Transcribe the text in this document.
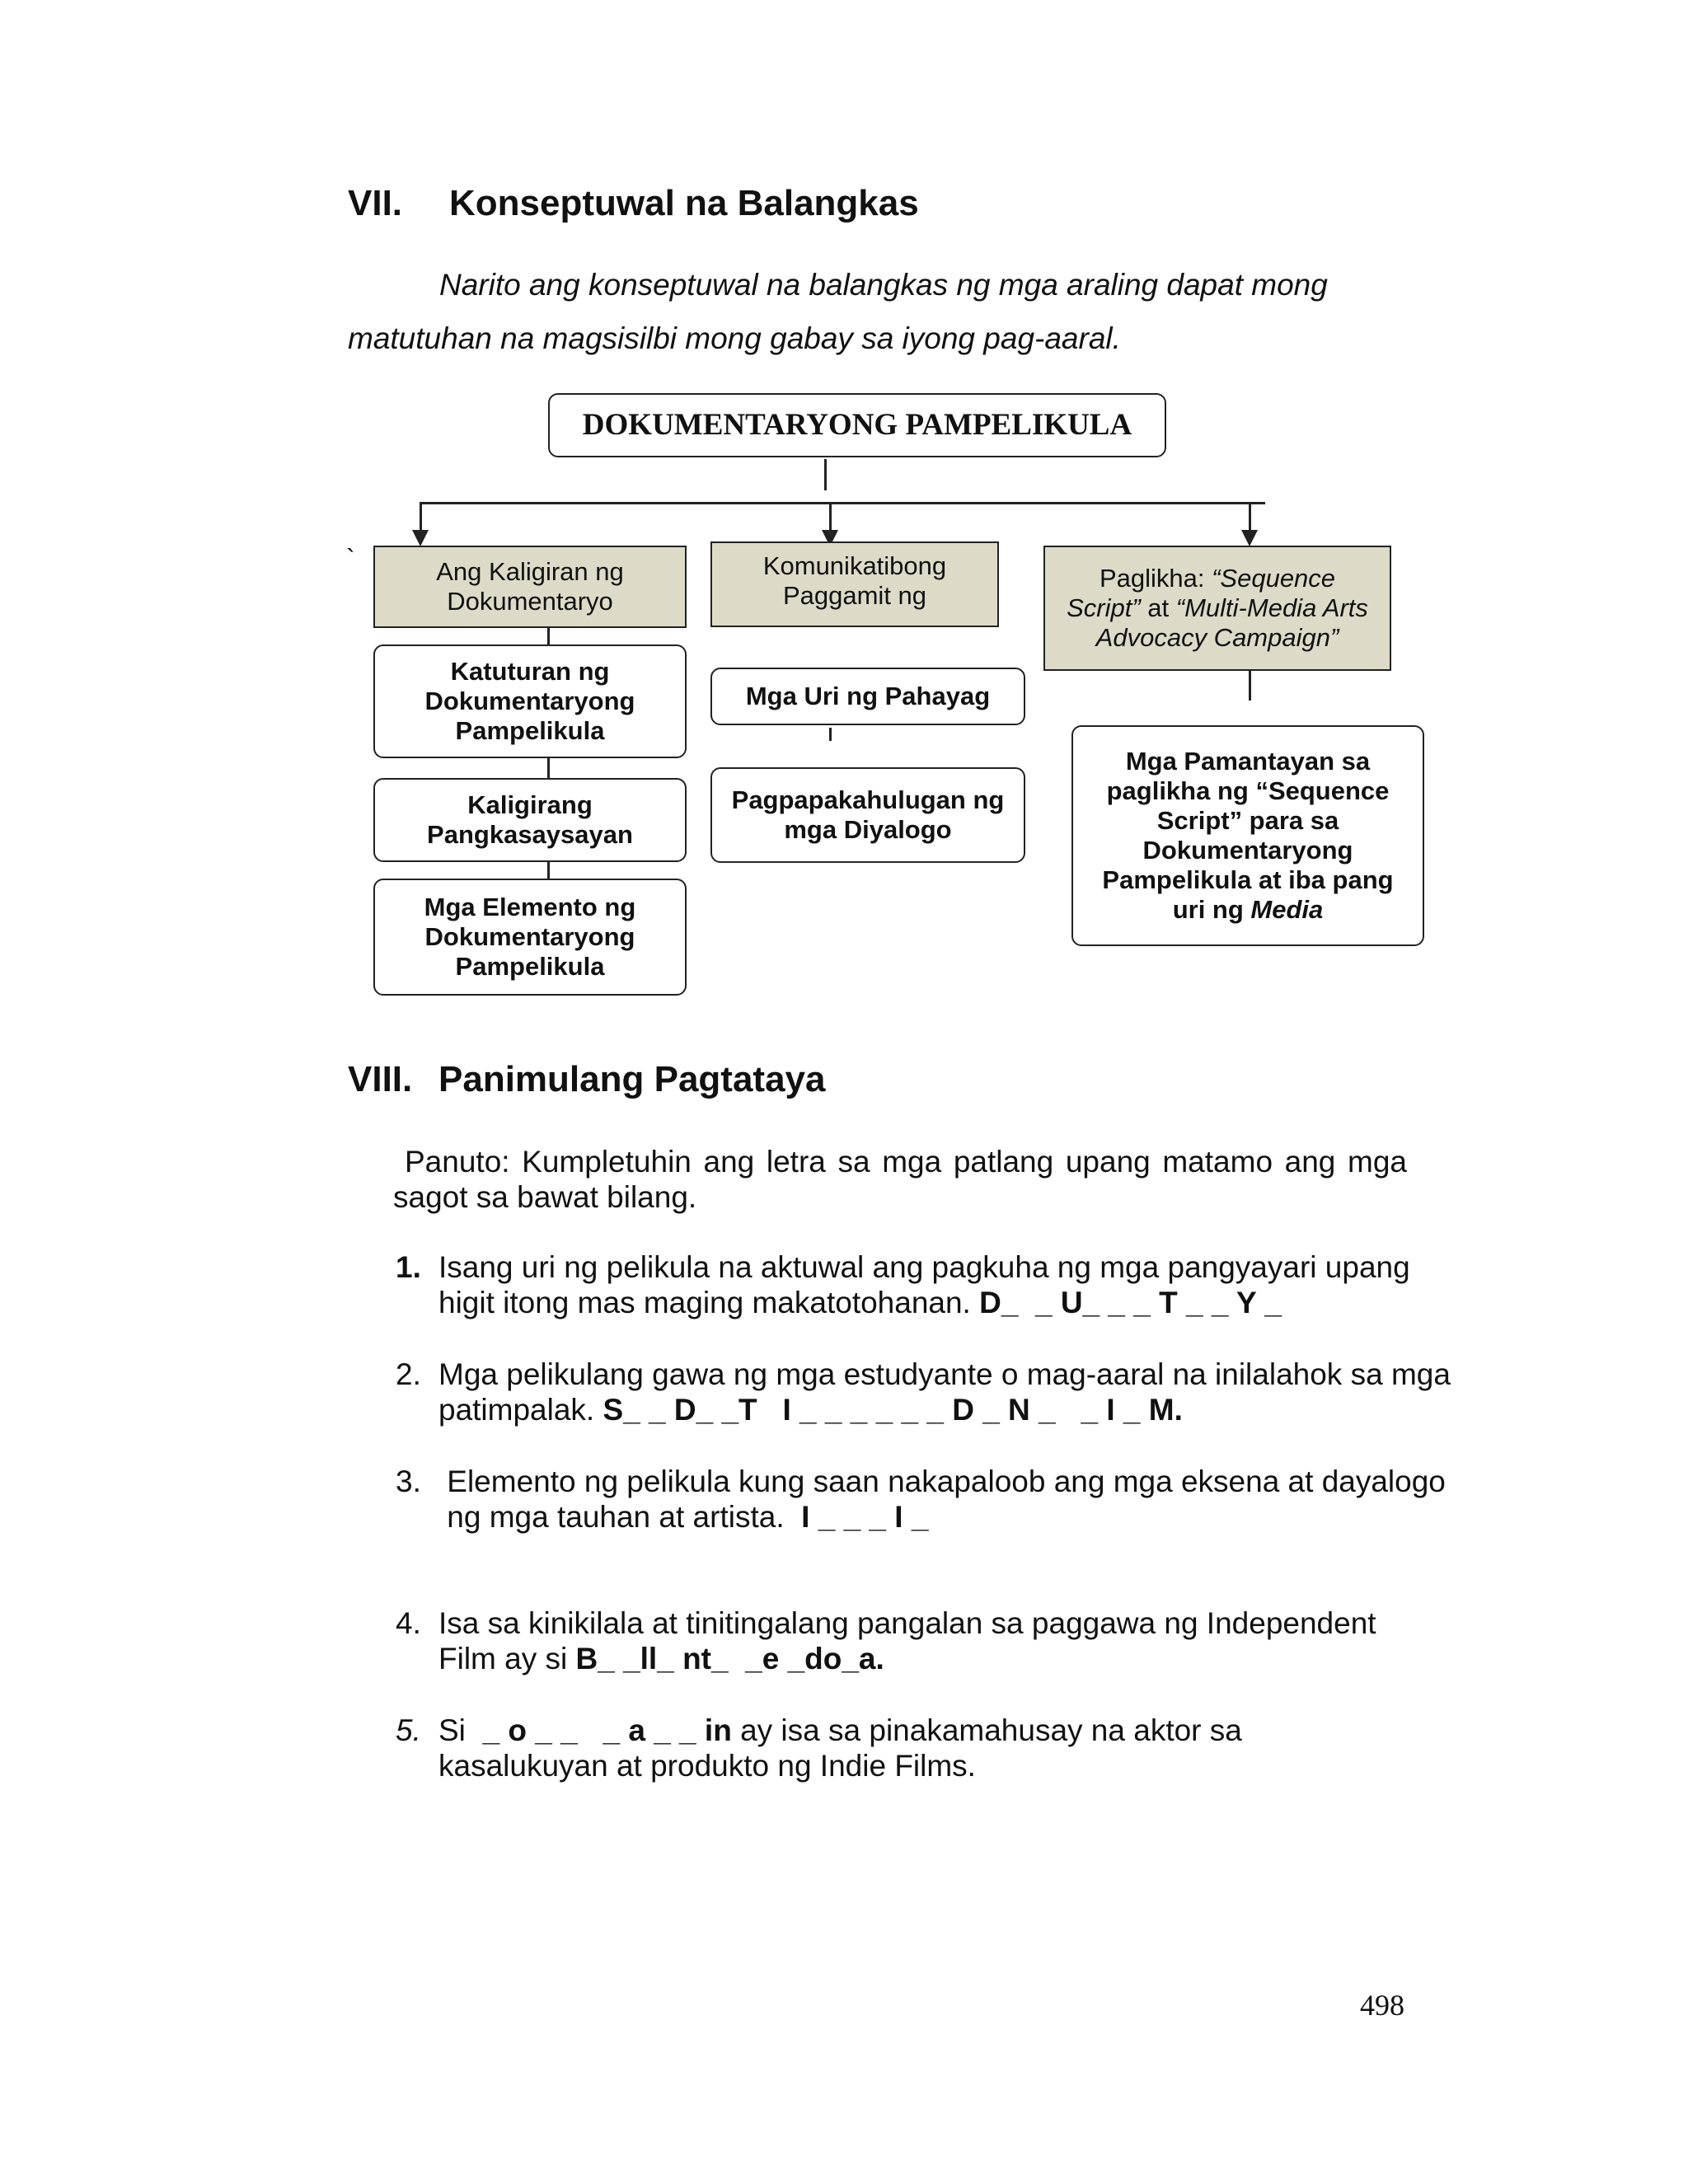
VII. Konseptuwal na Balangkas
Narito ang konseptuwal na balangkas ng mga araling dapat mong
matutuhan na magsisilbi mong gabay sa iyong pag-aaral.
DOKUMENTARYONG PAMPELIKULA
`	Ang Kaligiran ng Dokumentaryo
Katuturan ng Dokumentaryong Pampelikula
Kaligirang Pangkasaysayan
Mga Elemento ng Dokumentaryong Pampelikula
Komunikatibong Paggamit ng
Mga Uri ng Pahayag
Pagpapakahulugan ng mga Diyalogo
Paglikha: “Sequence Script” at “Multi-Media Arts Advocacy Campaign”
Mga Pamantayan sa paglikha ng “Sequence Script” para sa Dokumentaryong Pampelikula at iba pang uri ng Media
VIII. Panimulang Pagtataya
Panuto: Kumpletuhin ang letra sa mga patlang upang matamo ang mga sagot sa bawat bilang.
1. Isang uri ng pelikula na aktuwal ang pagkuha ng mga pangyayari upang higit itong mas maging makatotohanan. D_  _ U_ _ _ T _ _ Y _
2. Mga pelikulang gawa ng mga estudyante o mag-aaral na inilalahok sa mga patimpalak. S_ _ D_ _T   I _ _ _ _ _ _ D _ N _   _ I _ M.
3. Elemento ng pelikula kung saan nakapaloob ang mga eksena at dayalogo
ng mga tauhan at artista.  I _ _ _ I _
4. Isa sa kinikilala at tinitingalang pangalan sa paggawa ng Independent Film ay si B_ _ll_ nt_  _e _do_a.
5. Si  _ o _ _   _ a _ _ in ay isa sa pinakamahusay na aktor sa kasalukuyan at produkto ng Indie Films.
498
